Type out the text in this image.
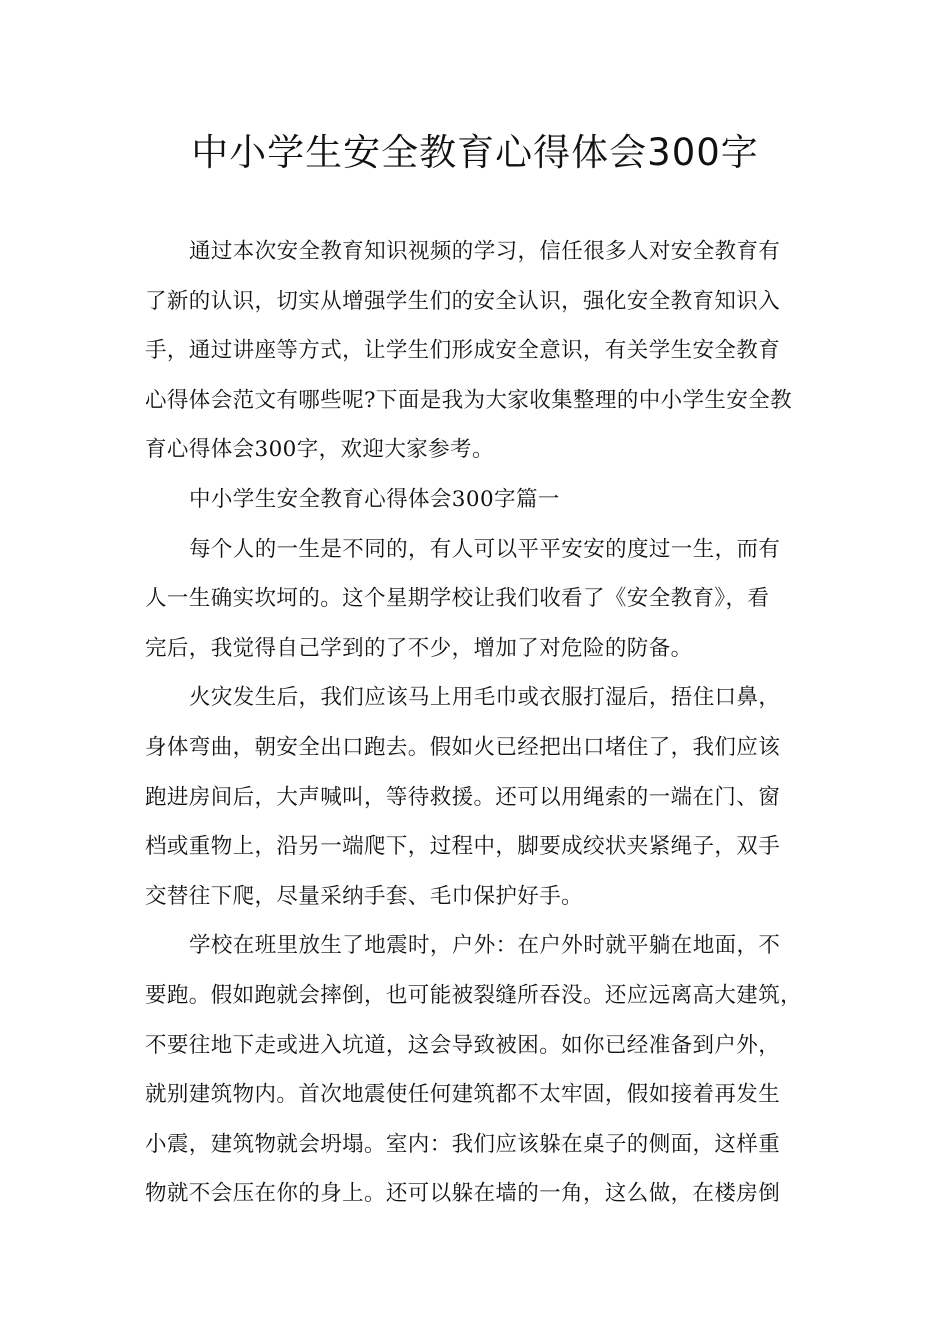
中小学生安全教育心得体会300字
通过本次安全教育知识视频的学习，信任很多人对安全教育有
了新的认识，切实从增强学生们的安全认识，强化安全教育知识入
手，通过讲座等方式，让学生们形成安全意识，有关学生安全教育
心得体会范文有哪些呢?下面是我为大家收集整理的中小学生安全教
育心得体会300字，欢迎大家参考。
中小学生安全教育心得体会300字篇一
每个人的一生是不同的，有人可以平平安安的度过一生，而有
人一生确实坎坷的。这个星期学校让我们收看了《安全教育》，看
完后，我觉得自己学到的了不少，增加了对危险的防备。
火灾发生后，我们应该马上用毛巾或衣服打湿后，捂住口鼻，
身体弯曲，朝安全出口跑去。假如火已经把出口堵住了，我们应该
跑进房间后，大声喊叫，等待救援。还可以用绳索的一端在门、窗
档或重物上，沿另一端爬下，过程中，脚要成绞状夹紧绳子，双手
交替往下爬，尽量采纳手套、毛巾保护好手。
学校在班里放生了地震时，户外：在户外时就平躺在地面，不
要跑。假如跑就会摔倒，也可能被裂缝所吞没。还应远离高大建筑，
不要往地下走或进入坑道，这会导致被困。如你已经准备到户外，
就别建筑物内。首次地震使任何建筑都不太牢固，假如接着再发生
小震，建筑物就会坍塌。室内：我们应该躲在桌子的侧面，这样重
物就不会压在你的身上。还可以躲在墙的一角，这么做，在楼房倒
